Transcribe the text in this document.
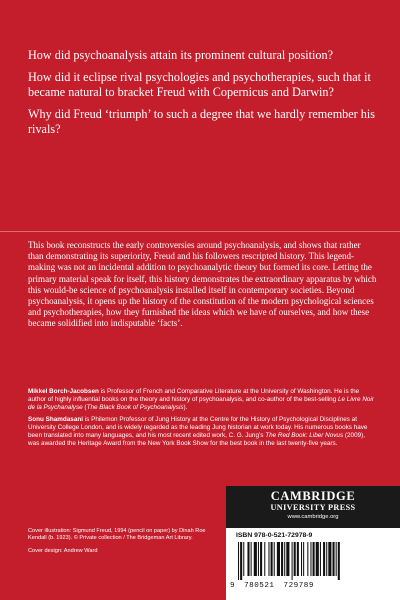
How did psychoanalysis attain its prominent cultural position?

How did it eclipse rival psychologies and psychotherapies, such that it became natural to bracket Freud with Copernicus and Darwin?

Why did Freud ‘triumph’ to such a degree that we hardly remember his rivals?

This book reconstructs the early controversies around psychoanalysis, and shows that rather than demonstrating its superiority, Freud and his followers rescripted history. This legend-making was not an incidental addition to psychoanalytic theory but formed its core. Letting the primary material speak for itself, this history demonstrates the extraordinary apparatus by which this would-be science of psychoanalysis installed itself in contemporary societies. Beyond psychoanalysis, it opens up the history of the constitution of the modern psychological sciences and psychotherapies, how they furnished the ideas which we have of ourselves, and how these became solidified into indisputable ‘facts’.

Mikkel Borch-Jacobsen is Professor of French and Comparative Literature at the University of Washington. He is the author of highly influential books on the theory and history of psychoanalysis, and co-author of the best-selling Le Livre Noir de la Psychanalyse (The Black Book of Psychoanalysis).

Sonu Shamdasani is Philemon Professor of Jung History at the Centre for the History of Psychological Disciplines at University College London, and is widely regarded as the leading Jung historian at work today. His numerous books have been translated into many languages, and his most recent edited work, C. G. Jung’s The Red Book: Liber Novus (2009), was awarded the Heritage Award from the New York Book Show for the best book in the last twenty-five years.

Cover illustration: Sigmund Freud, 1994 (pencil on paper) by Dinah Roe Kendall (b. 1923). © Private collection / The Bridgeman Art Library.

Cover design: Andrew Ward

CAMBRIDGE
UNIVERSITY PRESS
www.cambridge.org
ISBN 978-0-521-72978-9
9 780521 729789
